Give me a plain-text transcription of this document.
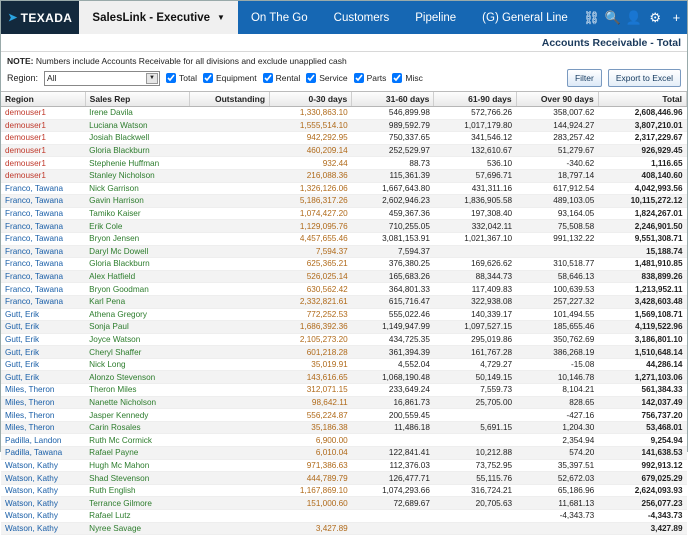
➤ TEXADA SalesLink - Executive ▼ On The Go Customers Pipeline (G) General Line ⛓ 🔍 👤 ⚙ +
Accounts Receivable - Total
NOTE: Numbers include Accounts Receivable for all divisions and exclude unapplied cash
Region: All	▼	Total Equipment Rental Service Parts Misc	Filter	Export to Excel
Region	Sales Rep	Outstanding	0-30 days	31-60 days	61-90 days	Over 90 days	Total
demouser1	Irene Davila		1,330,863.10	546,899.98	572,766.26	358,007.62	2,608,446.96
demouser1	Luciana Watson		1,555,514.10	989,592.79	1,017,179.80	144,924.27	3,807,210.01
demouser1	Josiah Blackwell		942,292.95	750,337.65	341,546.12	283,257.42	2,317,229.67
demouser1	Gloria Blackburn		460,209.14	252,529.97	132,610.67	51,279.67	926,929.45
demouser1	Stephenie Huffman		932.44	88.73	536.10	-340.62	1,116.65
demouser1	Stanley Nicholson		216,088.36	115,361.39	57,696.71	18,797.14	408,140.60
Franco, Tawana	Nick Garrison		1,326,126.06	1,667,643.80	431,311.16	617,912.54	4,042,993.56
Franco, Tawana	Gavin Harrison		5,186,317.26	2,602,946.23	1,836,905.58	489,103.05	10,115,272.12
Franco, Tawana	Tamiko Kaiser		1,074,427.20	459,367.36	197,308.40	93,164.05	1,824,267.01
Franco, Tawana	Erik Cole		1,129,095.76	710,255.05	332,042.11	75,508.58	2,246,901.50
Franco, Tawana	Bryon Jensen		4,457,655.46	3,081,153.91	1,021,367.10	991,132.22	9,551,308.71
Franco, Tawana	Daryl Mc Dowell		7,594.37	7,594.37			15,188.74
Franco, Tawana	Gloria Blackburn		625,365.21	376,380.25	169,626.62	310,518.77	1,481,910.85
Franco, Tawana	Alex Hatfield		526,025.14	165,683.26	88,344.73	58,646.13	838,899.26
Franco, Tawana	Bryon Goodman		630,562.42	364,801.33	117,409.83	100,639.53	1,213,952.11
Franco, Tawana	Karl Pena		2,332,821.61	615,716.47	322,938.08	257,227.32	3,428,603.48
Gutt, Erik	Athena Gregory		772,252.53	555,022.46	140,339.17	101,494.55	1,569,108.71
Gutt, Erik	Sonja Paul		1,686,392.36	1,149,947.99	1,097,527.15	185,655.46	4,119,522.96
Gutt, Erik	Joyce Watson		2,105,273.20	434,725.35	295,019.86	350,762.69	3,186,801.10
Gutt, Erik	Cheryl Shaffer		601,218.28	361,394.39	161,767.28	386,268.19	1,510,648.14
Gutt, Erik	Nick Long		35,019.91	4,552.04	4,729.27	-15.08	44,286.14
Gutt, Erik	Alonzo Stevenson		143,616.65	1,068,190.48	50,149.15	10,146.78	1,271,103.06
Miles, Theron	Theron Miles		312,071.15	233,649.24	7,559.73	8,104.21	561,384.33
Miles, Theron	Nanette Nicholson		98,642.11	16,861.73	25,705.00	828.65	142,037.49
Miles, Theron	Jasper Kennedy		556,224.87	200,559.45		-427.16	756,737.20
Miles, Theron	Carin Rosales		35,186.38	11,486.18	5,691.15	1,204.30	53,468.01
Padilla, Landon	Ruth Mc Cormick		6,900.00			2,354.94	9,254.94
Padilla, Tawana	Rafael Payne		6,010.04	122,841.41	10,212.88	574.20	141,638.53
Watson, Kathy	Hugh Mc Mahon		971,386.63	112,376.03	73,752.95	35,397.51	992,913.12
Watson, Kathy	Shad Stevenson		444,789.79	126,477.71	55,115.76	52,672.03	679,025.29
Watson, Kathy	Ruth English		1,167,869.10	1,074,293.66	316,724.21	65,186.96	2,624,093.93
Watson, Kathy	Terrance Gilmore		151,000.60	72,689.67	20,705.63	11,681.13	256,077.23
Watson, Kathy	Rafael Lutz					-4,343.73	-4,343.73
Watson, Kathy	Nyree Savage		3,427.89				3,427.89
